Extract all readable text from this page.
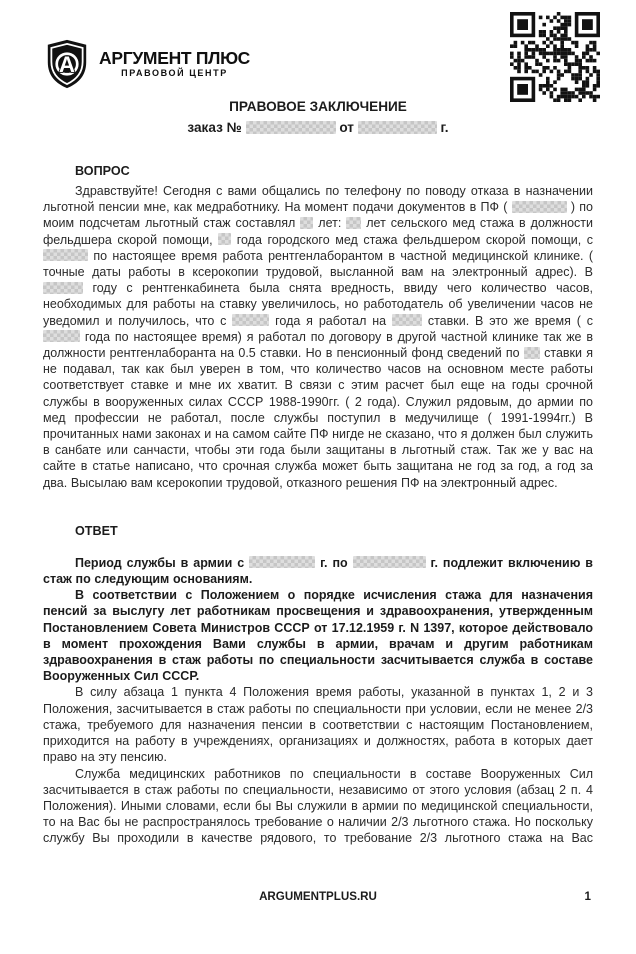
А АРГУМЕНТ ПЛЮС
ПРАВОВОЙ ЦЕНТР
ПРАВОВОЕ ЗАКЛЮЧЕНИЕ
заказ №	от	г.
ВОПРОС

Здравствуйте! Сегодня с вами общались по телефону по поводу отказа в назначении льготной пенсии мне, как медработнику. На момент подачи документов в ПФ (	) по моим подсчетам льготный стаж составлял  лет:  лет сельского мед стажа в должности фельдшера скорой помощи,  года городского мед стажа фельдшером скорой помощи, с  по настоящее время работа рентгенлаборантом в частной медицинской клинике. ( точные даты работы в ксерокопии трудовой, высланной вам на электронный адрес). В  году с рентгенкабинета была снята вредность, ввиду чего количество часов, необходимых для работы на ставку увеличилось, но работодатель об увеличении часов не уведомил и получилось, что с	года я работал на  ставки. В это же время ( с  года по настоящее время) я работал по договору в другой частной клинике так же в должности рентгенлаборанта на 0.5 ставки. Но в пенсионный фонд сведений по  ставки я не подавал, так как был уверен в том, что количество часов на основном месте работы соответствует ставке и мне их хватит. В связи с этим расчет был еще на годы срочной службы в вооруженных силах СССР 1988-1990гг. ( 2 года). Служил рядовым, до армии по мед профессии не работал, после службы поступил в медучилище ( 1991-1994гг.) В прочитанных нами законах и на самом сайте ПФ нигде не сказано, что я должен был служить в санбате или санчасти, чтобы эти года были защитаны в льготный стаж. Так же у вас на сайте в статье написано, что срочная служба может быть защитана не год за год, а год за два. Высылаю вам ксерокопии трудовой, отказного решения ПФ на электронный адрес.

ОТВЕТ

Период службы в армии с	г. по	г. подлежит включению в стаж по следующим основаниям.

В соответствии с Положением о порядке исчисления стажа для назначения пенсий за выслугу лет работникам просвещения и здравоохранения, утвержденным Постановлением Совета Министров СССР от 17.12.1959 г. N 1397, которое действовало в момент прохождения Вами службы в армии, врачам и другим работникам здравоохранения в стаж работы по специальности засчитывается служба в составе Вооруженных Сил СССР.

В силу абзаца 1 пункта 4 Положения время работы, указанной в пунктах 1, 2 и 3 Положения, засчитывается в стаж работы по специальности при условии, если не менее 2/3 стажа, требуемого для назначения пенсии в соответствии с настоящим Постановлением, приходится на работу в учреждениях, организациях и должностях, работа в которых дает право на эту пенсию.

Служба медицинских работников по специальности в составе Вооруженных Сил засчитывается в стаж работы по специальности, независимо от этого условия (абзац 2 п. 4 Положения). Иными словами, если бы Вы служили в армии по медицинской специальности, то на Вас бы не распространялось требование о наличии 2/3 льготного стажа. Но поскольку службу Вы проходили в качестве рядового, то требование 2/3 льготного стажа на Вас

ARGUMENTPLUS.RU	1
